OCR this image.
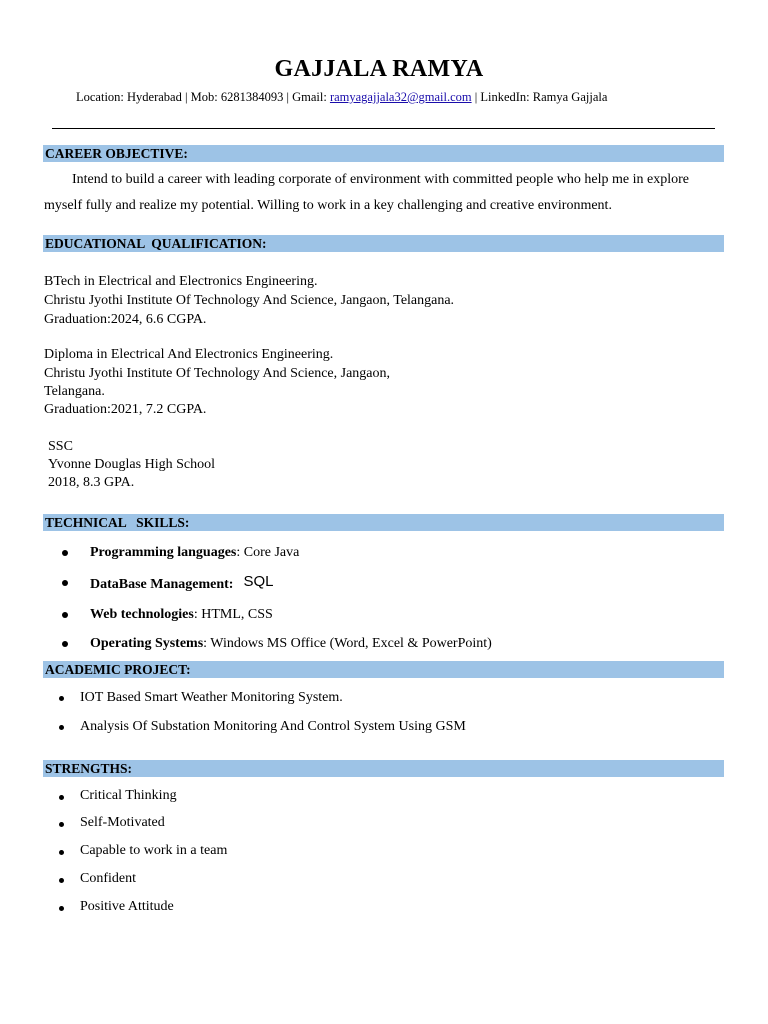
GAJJALA RAMYA
Location: Hyderabad | Mob: 6281384093 | Gmail: ramyagajjala32@gmail.com | LinkedIn: Ramya Gajjala
CAREER OBJECTIVE:
Intend to build a career with leading corporate of environment with committed people who help me in explore
myself fully and realize my potential. Willing to work in a key challenging and creative environment.
EDUCATIONAL  QUALIFICATION:
BTech in Electrical and Electronics Engineering.
Christu Jyothi Institute Of Technology And Science, Jangaon, Telangana.
Graduation:2024, 6.6 CGPA.
Diploma in Electrical And Electronics Engineering.
Christu Jyothi Institute Of Technology And Science, Jangaon,
Telangana.
Graduation:2021, 7.2 CGPA.
SSC
Yvonne Douglas High School
2018, 8.3 GPA.
TECHNICAL   SKILLS:
Programming languages: Core Java
DataBase Management: SQL
Web technologies: HTML, CSS
Operating Systems: Windows MS Office (Word, Excel & PowerPoint)
ACADEMIC PROJECT:
IOT Based Smart Weather Monitoring System.
Analysis Of Substation Monitoring And Control System Using GSM
STRENGTHS:
Critical Thinking
Self-Motivated
Capable to work in a team
Confident
Positive Attitude
